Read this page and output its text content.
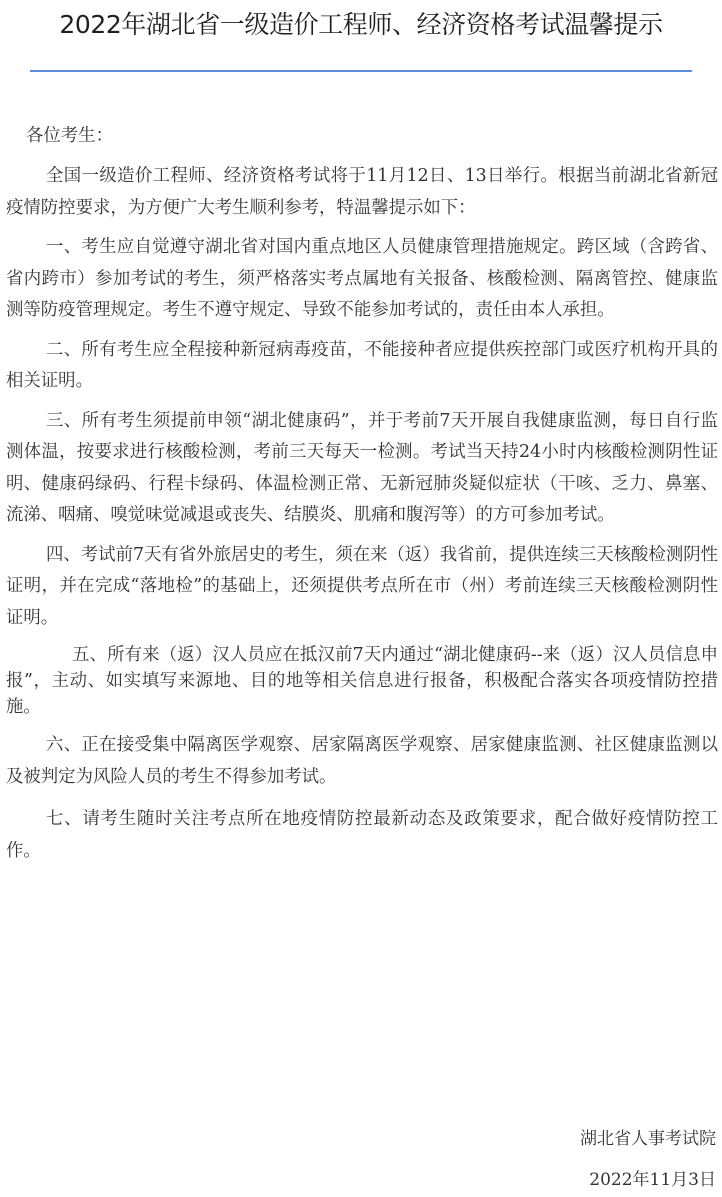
2022年湖北省一级造价工程师、经济资格考试温馨提示

各位考生：

全国一级造价工程师、经济资格考试将于11月12日、13日举行。根据当前湖北省新冠疫情防控要求，为方便广大考生顺利参考，特温馨提示如下：

一、考生应自觉遵守湖北省对国内重点地区人员健康管理措施规定。跨区域（含跨省、省内跨市）参加考试的考生，须严格落实考点属地有关报备、核酸检测、隔离管控、健康监测等防疫管理规定。考生不遵守规定、导致不能参加考试的，责任由本人承担。

二、所有考生应全程接种新冠病毒疫苗，不能接种者应提供疾控部门或医疗机构开具的相关证明。

三、所有考生须提前申领“湖北健康码”，并于考前7天开展自我健康监测，每日自行监测体温，按要求进行核酸检测，考前三天每天一检测。考试当天持24小时内核酸检测阴性证明、健康码绿码、行程卡绿码、体温检测正常、无新冠肺炎疑似症状（干咳、乏力、鼻塞、流涕、咽痛、嗅觉味觉减退或丧失、结膜炎、肌痛和腹泻等）的方可参加考试。

四、考试前7天有省外旅居史的考生，须在来（返）我省前，提供连续三天核酸检测阴性证明，并在完成“落地检”的基础上，还须提供考点所在市（州）考前连续三天核酸检测阴性证明。

五、所有来（返）汉人员应在抵汉前7天内通过“湖北健康码--来（返）汉人员信息申报”，主动、如实填写来源地、目的地等相关信息进行报备，积极配合落实各项疫情防控措施。

六、正在接受集中隔离医学观察、居家隔离医学观察、居家健康监测、社区健康监测以及被判定为风险人员的考生不得参加考试。

七、请考生随时关注考点所在地疫情防控最新动态及政策要求，配合做好疫情防控工作。

湖北省人事考试院
2022年11月3日
